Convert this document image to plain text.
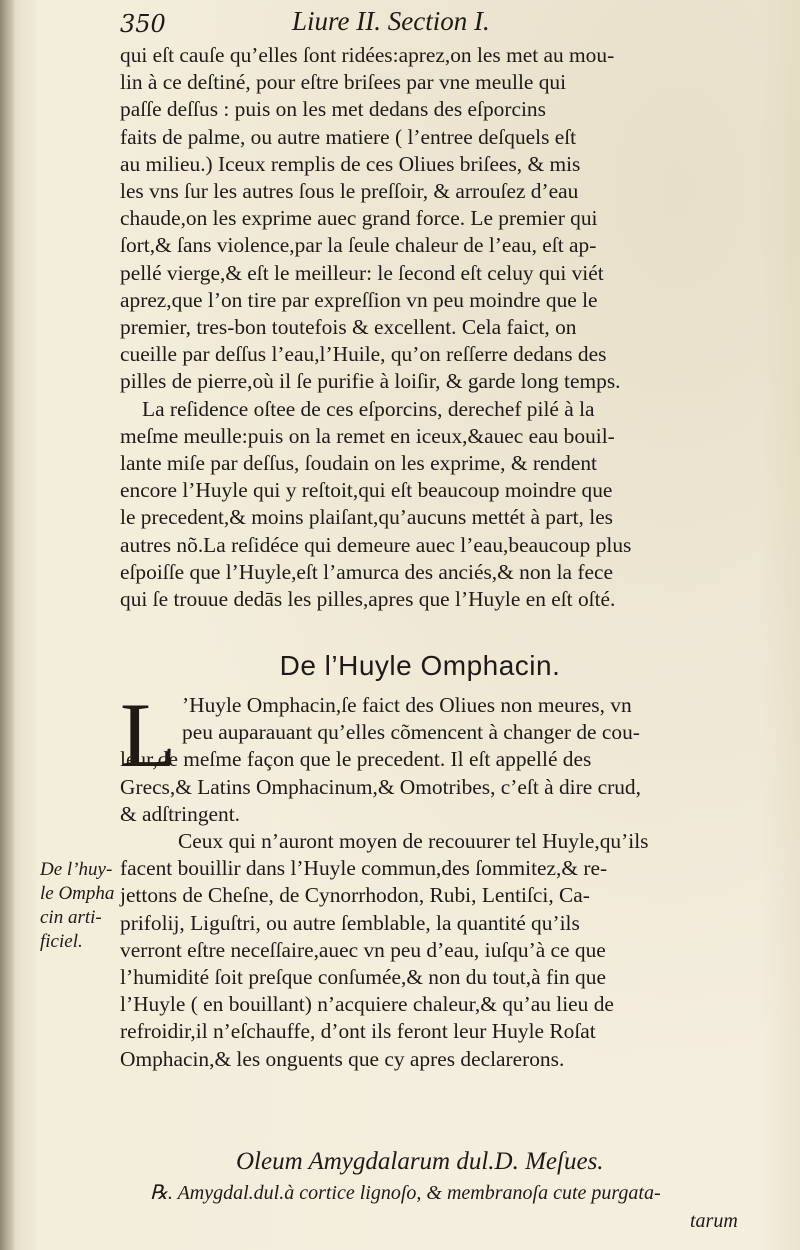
350	Liure II. Section I.
qui eſt cauſe qu’elles ſont ridées:aprez,on les met au mou-
lin à ce deſtiné, pour eſtre briſees par vne meulle qui
paſſe deſſus : puis on les met dedans des eſporcins
faits de palme, ou autre matiere ( l’entree deſquels eſt
au milieu.) Iceux remplis de ces Oliues briſees, & mis
les vns ſur les autres ſous le preſſoir, & arrouſez d’eau
chaude,on les exprime auec grand force. Le premier qui
ſort,& ſans violence,par la ſeule chaleur de l’eau, eſt ap-
pellé vierge,& eſt le meilleur: le ſecond eſt celuy qui viét
aprez,que l’on tire par expreſſion vn peu moindre que le
premier, tres-bon toutefois & excellent. Cela faict, on
cueille par deſſus l’eau,l’Huile, qu’on reſſerre dedans des
pilles de pierre,où il ſe purifie à loiſir, & garde long temps.
La reſidence oſtee de ces eſporcins, derechef pilé à la
meſme meulle:puis on la remet en iceux,&auec eau bouil-
lante miſe par deſſus, ſoudain on les exprime, & rendent
encore l’Huyle qui y reſtoit,qui eſt beaucoup moindre que
le precedent,& moins plaiſant,qu’aucuns mettét à part, les
autres nõ.La reſidéce qui demeure auec l’eau,beaucoup plus
eſpoiſſe que l’Huyle,eſt l’amurca des anciés,& non la fece
qui ſe trouue dedās les pilles,apres que l’Huyle en eſt oſté.
De l’Huyle Omphacin.
L ’Huyle Omphacin,ſe faict des Oliues non meures, vn
peu auparauant qu’elles cõmencent à changer de cou-
leur,de meſme façon que le precedent. Il eſt appellé des
Grecs,& Latins Omphacinum,& Omotribes, c’eſt à dire crud,
& adſtringent.
Ceux qui n’auront moyen de recouurer tel Huyle,qu’ils
facent bouillir dans l’Huyle commun,des ſommitez,& re-
jettons de Cheſne, de Cynorrhodon, Rubi, Lentiſci, Ca-
prifolij, Liguſtri, ou autre ſemblable, la quantité qu’ils
verront eſtre neceſſaire,auec vn peu d’eau, iuſqu’à ce que
l’humidité ſoit preſque conſumée,& non du tout,à fin que
l’Huyle ( en bouillant) n’acquiere chaleur,& qu’au lieu de
refroidir,il n’eſchauffe, d’ont ils feront leur Huyle Roſat
Omphacin,& les onguents que cy apres declarerons.
De l’huy-
le Ompha
cin arti-
ficiel.
Oleum Amygdalarum dul.D. Meſues.
℞. Amygdal.dul.à cortice lignoſo, & membranoſa cute purgata-
tarum
